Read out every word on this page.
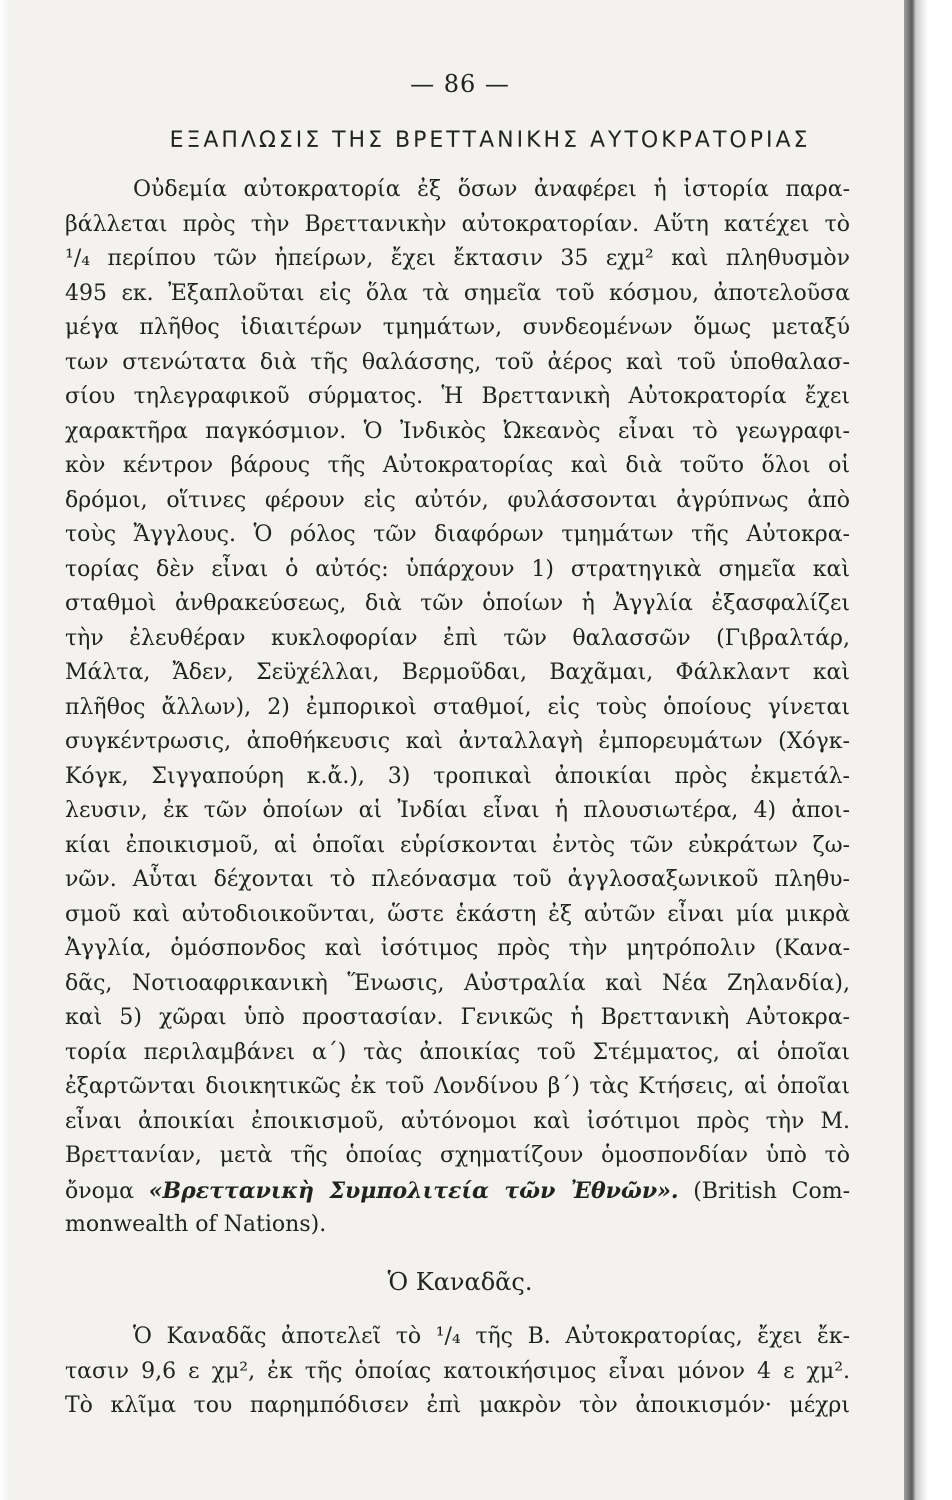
— 86 —
ΕΞΑΠΛΩΣΙΣ ΤΗΣ ΒΡΕΤΤΑΝΙΚΗΣ ΑΥΤΟΚΡΑΤΟΡΙΑΣ
Οὐδεμία αὐτοκρατορία ἐξ ὅσων ἀναφέρει ἡ ἱστορία παρα-
βάλλεται πρὸς τὴν Βρεττανικὴν αὐτοκρατορίαν. Αὕτη κατέχει τὸ
¹/₄ περίπου τῶν ἠπείρων, ἔχει ἔκτασιν 35 εχμ² καὶ πληθυσμὸν
495 εκ. Ἐξαπλοῦται εἰς ὅλα τὰ σημεῖα τοῦ κόσμου, ἀποτελοῦσα
μέγα πλῆθος ἰδιαιτέρων τμημάτων, συνδεομένων ὅμως μεταξύ
των στενώτατα διὰ τῆς θαλάσσης, τοῦ ἀέρος καὶ τοῦ ὑποθαλασ-
σίου τηλεγραφικοῦ σύρματος. Ἡ Βρεττανικὴ Αὐτοκρατορία ἔχει
χαρακτῆρα παγκόσμιον. Ὁ Ἰνδικὸς Ὠκεανὸς εἶναι τὸ γεωγραφι-
κὸν κέντρον βάρους τῆς Αὐτοκρατορίας καὶ διὰ τοῦτο ὅλοι οἱ
δρόμοι, οἵτινες φέρουν εἰς αὐτόν, φυλάσσονται ἀγρύπνως ἀπὸ
τοὺς Ἄγγλους. Ὁ ρόλος τῶν διαφόρων τμημάτων τῆς Αὐτοκρα-
τορίας δὲν εἶναι ὁ αὐτός: ὑπάρχουν 1) στρατηγικὰ σημεῖα καὶ
σταθμοὶ ἀνθρακεύσεως, διὰ τῶν ὁποίων ἡ Ἀγγλία ἐξασφαλίζει
τὴν ἐλευθέραν κυκλοφορίαν ἐπὶ τῶν θαλασσῶν (Γιβραλτάρ,
Μάλτα, Ἄδεν, Σεϋχέλλαι, Βερμοῦδαι, Βαχᾶμαι, Φάλκλαντ καὶ
πλῆθος ἄλλων), 2) ἐμπορικοὶ σταθμοί, εἰς τοὺς ὁποίους γίνεται
συγκέντρωσις, ἀποθήκευσις καὶ ἀνταλλαγὴ ἐμπορευμάτων (Χόγκ-
Κόγκ, Σιγγαπούρη κ.ἄ.), 3) τροπικαὶ ἀποικίαι πρὸς ἐκμετάλ-
λευσιν, ἐκ τῶν ὁποίων αἱ Ἰνδίαι εἶναι ἡ πλουσιωτέρα, 4) ἀποι-
κίαι ἐποικισμοῦ, αἱ ὁποῖαι εὑρίσκονται ἐντὸς τῶν εὐκράτων ζω-
νῶν. Αὗται δέχονται τὸ πλεόνασμα τοῦ ἀγγλοσαξωνικοῦ πληθυ-
σμοῦ καὶ αὐτοδιοικοῦνται, ὥστε ἑκάστη ἐξ αὐτῶν εἶναι μία μικρὰ
Ἀγγλία, ὁμόσπονδος καὶ ἰσότιμος πρὸς τὴν μητρόπολιν (Κανα-
δᾶς, Νοτιοαφρικανικὴ Ἕνωσις, Αὐστραλία καὶ Νέα Ζηλανδία),
καὶ 5) χῶραι ὑπὸ προστασίαν. Γενικῶς ἡ Βρεττανικὴ Αὐτοκρα-
τορία περιλαμβάνει α΄) τὰς ἀποικίας τοῦ Στέμματος, αἱ ὁποῖαι
ἐξαρτῶνται διοικητικῶς ἐκ τοῦ Λονδίνου β΄) τὰς Κτήσεις, αἱ ὁποῖαι
εἶναι ἀποικίαι ἐποικισμοῦ, αὐτόνομοι καὶ ἰσότιμοι πρὸς τὴν Μ.
Βρεττανίαν, μετὰ τῆς ὁποίας σχηματίζουν ὁμοσπονδίαν ὑπὸ τὸ
ὄνομα «Βρεττανικὴ Συμπολιτεία τῶν Ἐθνῶν». (British Com-
monwealth of Nations).
Ὁ Καναδᾶς.
Ὁ Καναδᾶς ἀποτελεῖ τὸ ¹/₄ τῆς Β. Αὐτοκρατορίας, ἔχει ἔκ-
τασιν 9,6 ε χμ², ἐκ τῆς ὁποίας κατοικήσιμος εἶναι μόνον 4 ε χμ².
Τὸ κλῖμα του παρημπόδισεν ἐπὶ μακρὸν τὸν ἀποικισμόν· μέχρι
